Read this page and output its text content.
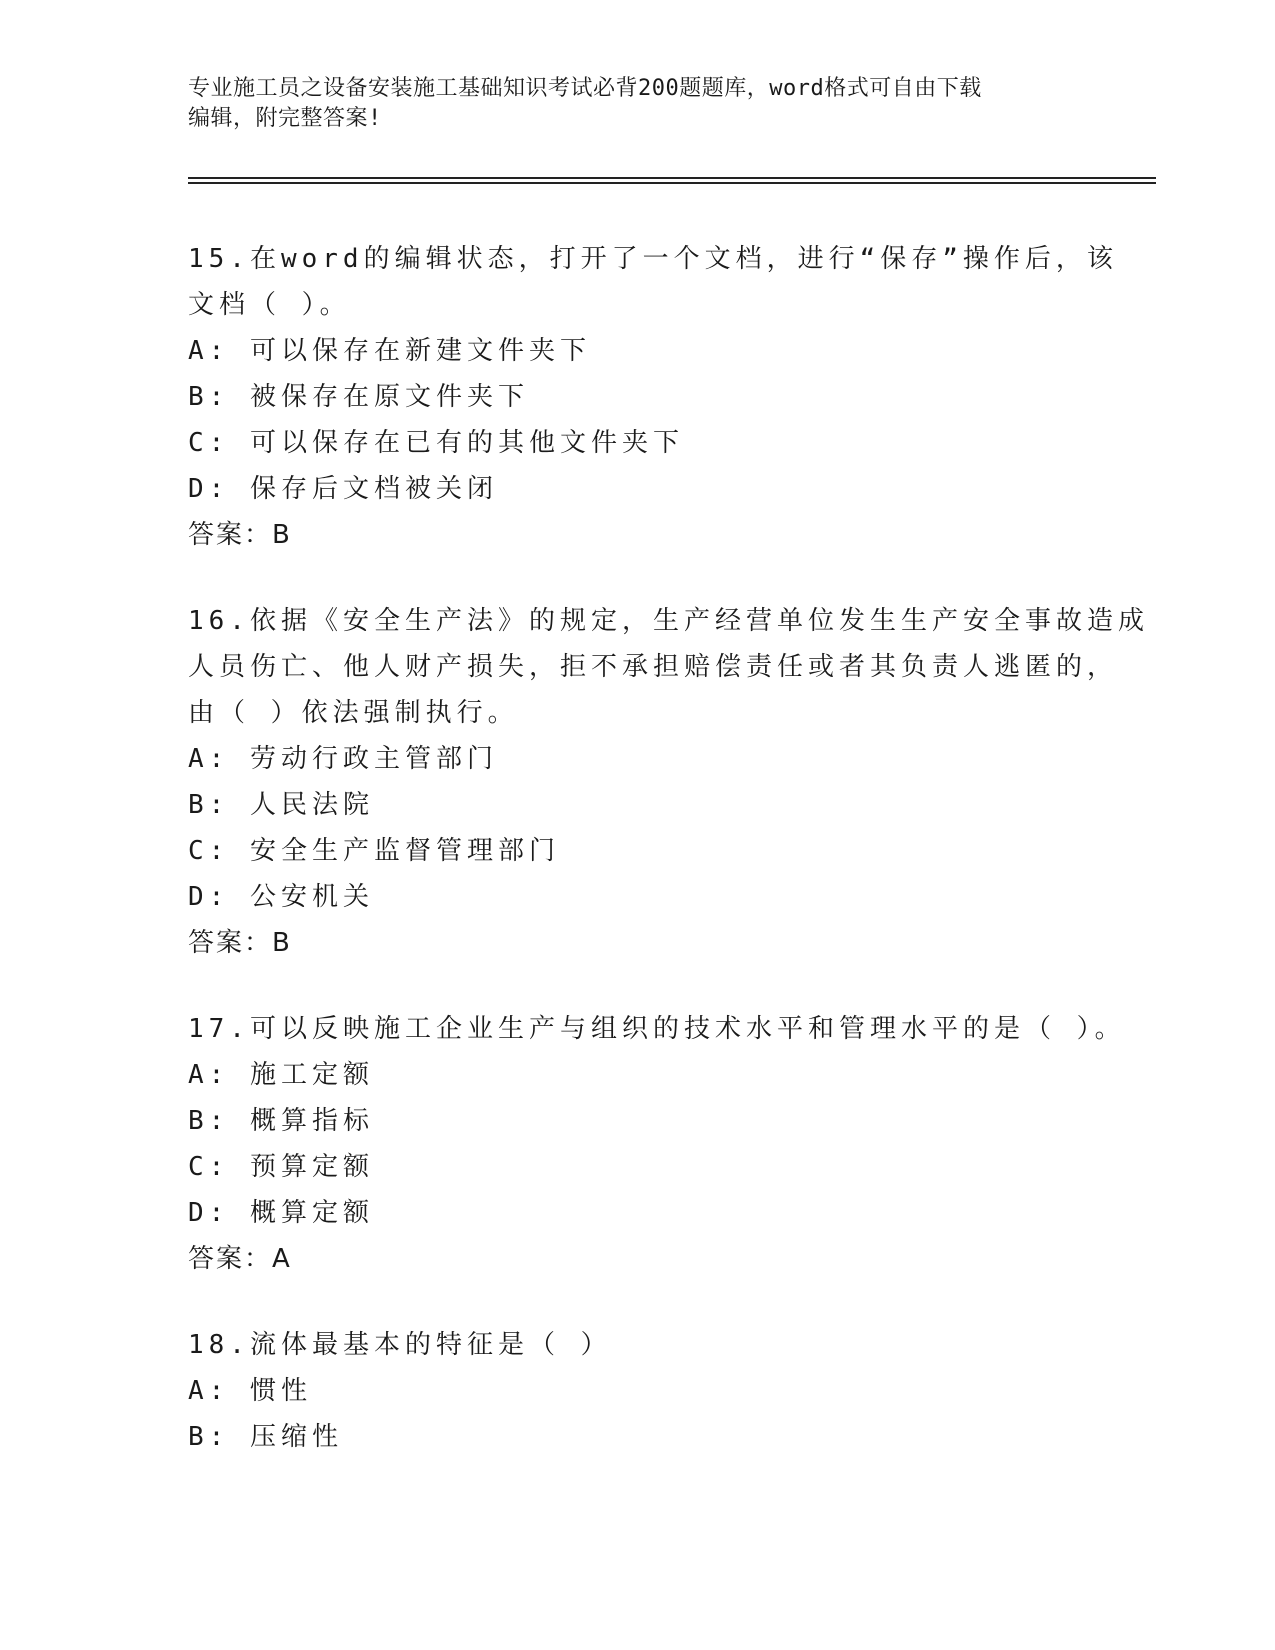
专业施工员之设备安装施工基础知识考试必背200题题库，word格式可自由下载
编辑，附完整答案!
15.在word的编辑状态，打开了一个文档，进行“保存”操作后，该
文档（ ）。
A: 可以保存在新建文件夹下
B: 被保存在原文件夹下
C: 可以保存在已有的其他文件夹下
D: 保存后文档被关闭
答案：B
16.依据《安全生产法》的规定，生产经营单位发生生产安全事故造成
人员伤亡、他人财产损失，拒不承担赔偿责任或者其负责人逃匿的，
由（ ）依法强制执行。
A: 劳动行政主管部门
B: 人民法院
C: 安全生产监督管理部门
D: 公安机关
答案：B
17.可以反映施工企业生产与组织的技术水平和管理水平的是（ ）。
A: 施工定额
B: 概算指标
C: 预算定额
D: 概算定额
答案：A
18.流体最基本的特征是（ ）
A: 惯性
B: 压缩性
